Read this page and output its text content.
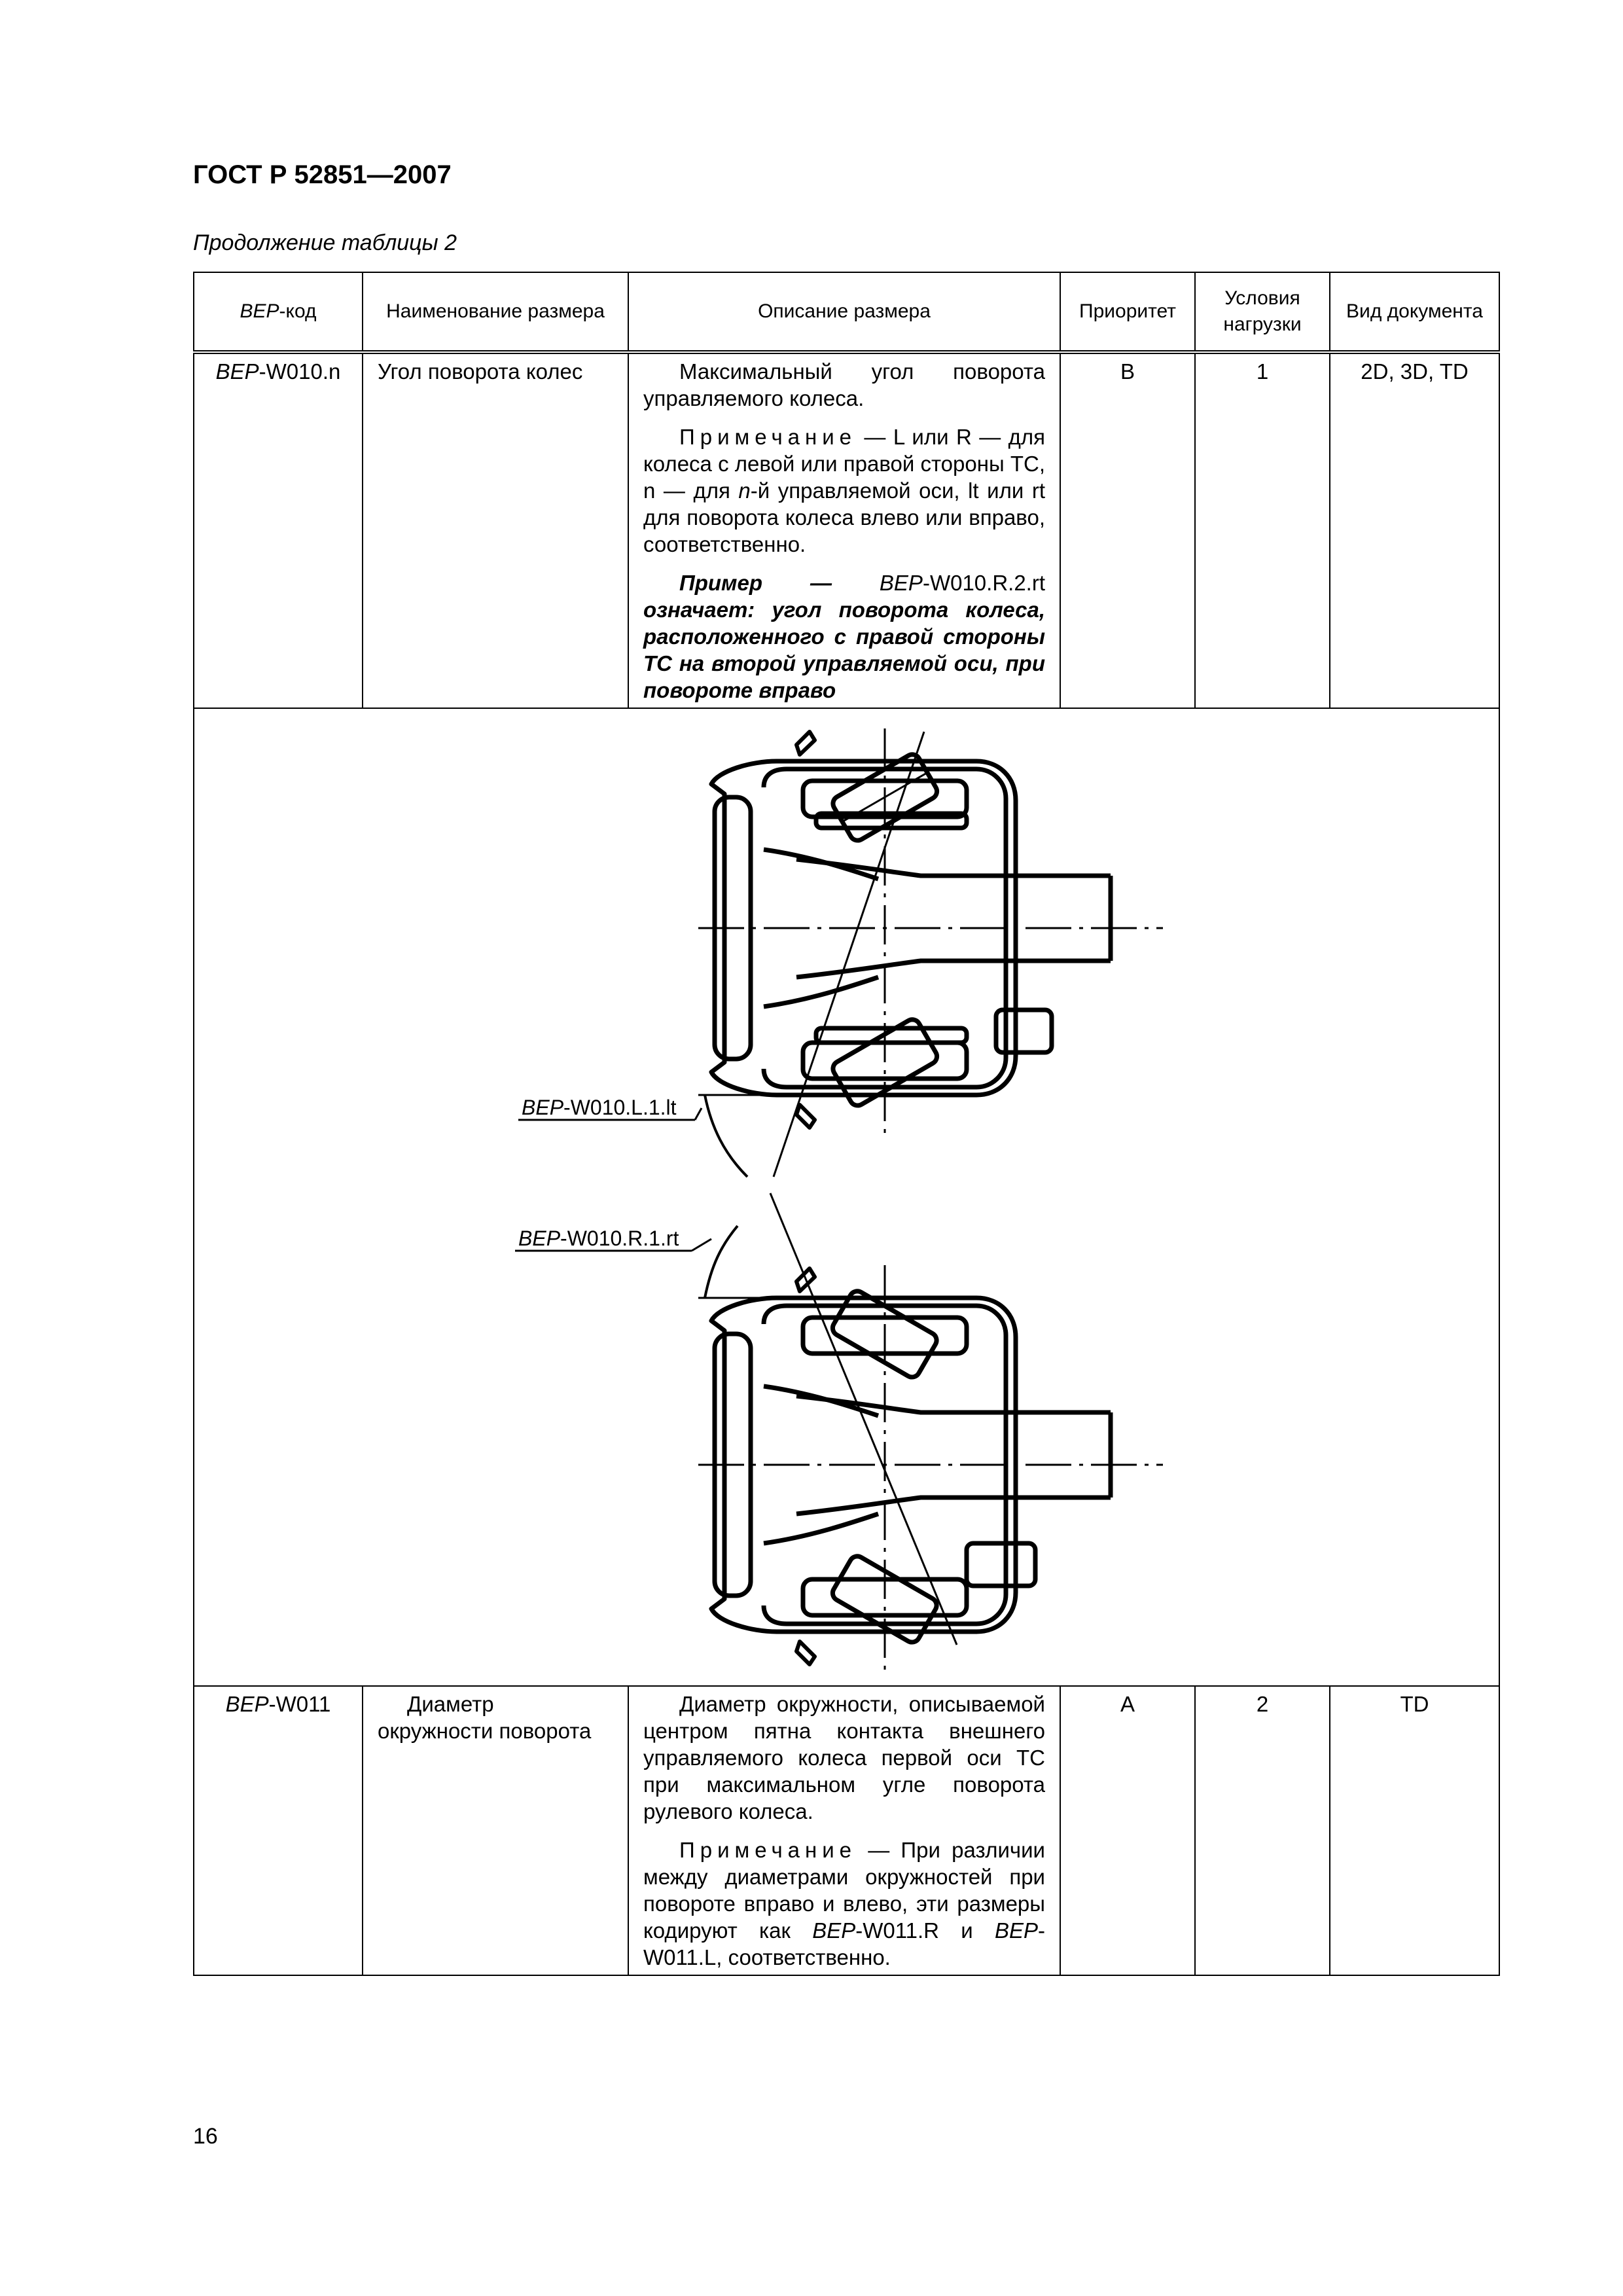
ГОСТ Р 52851—2007
Продолжение таблицы 2
BEP-код	Наименование размера	Описание размера	Приоритет	Условия нагрузки	Вид документа
BEP-W010.n	Угол поворота колес	Максимальный угол поворота управляемого колеса.

Примечание — L или R — для колеса с левой или правой стороны ТС, n — для n-й управляемой оси, lt или rt для поворота колеса влево или вправо, соответственно.

Пример — BEP-W010.R.2.rt означает: угол поворота колеса, расположенного с правой стороны ТС на второй управляемой оси, при повороте вправо	B	1	2D, 3D, TD

BEP-W010.L.1.lt
BEP-W010.R.1.rt					

BEP-W011	Диаметр окружности поворота	Диаметр окружности, описываемой центром пятна контакта внешнего управляемого колеса первой оси ТС при максимальном угле поворота рулевого колеса.

Примечание — При различии между диаметрами окружностей при повороте вправо и влево, эти размеры кодируют как BEP-W011.R и BEP-W011.L, соответственно.	A	2	TD
16
